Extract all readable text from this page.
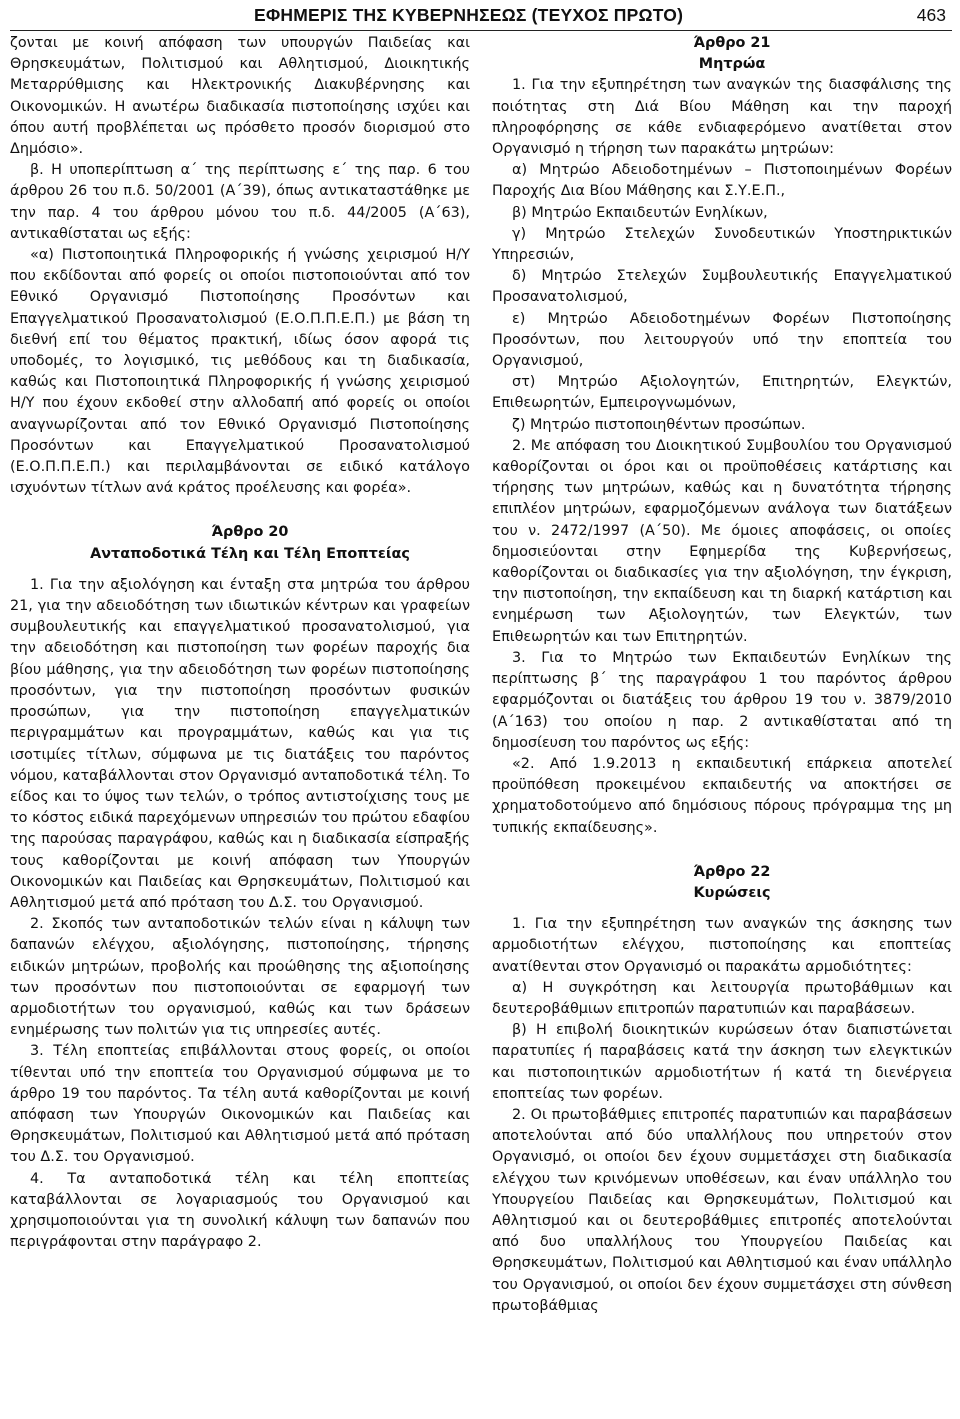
ΕΦΗΜΕΡΙΣ ΤΗΣ ΚΥΒΕΡΝΗΣΕΩΣ (ΤΕΥΧΟΣ ΠΡΩΤΟ)	463

ζονται με κοινή απόφαση των υπουργών Παιδείας και Θρησκευμάτων, Πολιτισμού και Αθλητισμού, Διοικητικής Μεταρρύθμισης και Ηλεκτρονικής Διακυβέρνησης και Οικονομικών. Η ανωτέρω διαδικασία πιστοποίησης ισχύει και όπου αυτή προβλέπεται ως πρόσθετο προσόν διορισμού στο Δημόσιο».

β. Η υποπερίπτωση α΄ της περίπτωσης ε΄ της παρ. 6 του άρθρου 26 του π.δ. 50/2001 (Α΄39), όπως αντικαταστάθηκε με την παρ. 4 του άρθρου μόνου του π.δ. 44/2005 (Α΄63), αντικαθίσταται ως εξής:

«α) Πιστοποιητικά Πληροφορικής ή γνώσης χειρισμού Η/Υ που εκδίδονται από φορείς οι οποίοι πιστοποιούνται από τον Εθνικό Οργανισμό Πιστοποίησης Προσόντων και Επαγγελματικού Προσανατολισμού (Ε.Ο.Π.Π.Ε.Π.) με βάση τη διεθνή επί του θέματος πρακτική, ιδίως όσον αφορά τις υποδομές, το λογισμικό, τις μεθόδους και τη διαδικασία, καθώς και Πιστοποιητικά Πληροφορικής ή γνώσης χειρισμού Η/Υ που έχουν εκδοθεί στην αλλοδαπή από φορείς οι οποίοι αναγνωρίζονται από τον Εθνικό Οργανισμό Πιστοποίησης Προσόντων και Επαγγελματικού Προσανατολισμού (Ε.Ο.Π.Π.Ε.Π.) και περιλαμβάνονται σε ειδικό κατάλογο ισχυόντων τίτλων ανά κράτος προέλευσης και φορέα».

Άρθρο 20

Ανταποδοτικά Τέλη και Τέλη Εποπτείας

1. Για την αξιολόγηση και ένταξη στα μητρώα του άρθρου 21, για την αδειοδότηση των ιδιωτικών κέντρων και γραφείων συμβουλευτικής και επαγγελματικού προσανατολισμού, για την αδειοδότηση και πιστοποίηση των φορέων παροχής δια βίου μάθησης, για την αδειοδότηση των φορέων πιστοποίησης προσόντων, για την πιστοποίηση προσόντων φυσικών προσώπων, για την πιστοποίηση επαγγελματικών περιγραμμάτων και προγραμμάτων, καθώς και για τις ισοτιμίες τίτλων, σύμφωνα με τις διατάξεις του παρόντος νόμου, καταβάλλονται στον Οργανισμό ανταποδοτικά τέλη. Το είδος και το ύψος των τελών, ο τρόπος αντιστοίχισης τους με το κόστος ειδικά παρεχόμενων υπηρεσιών του πρώτου εδαφίου της παρούσας παραγράφου, καθώς και η διαδικασία είσπραξής τους καθορίζονται με κοινή απόφαση των Υπουργών Οικονομικών και Παιδείας και Θρησκευμάτων, Πολιτισμού και Αθλητισμού μετά από πρόταση του Δ.Σ. του Οργανισμού.

2. Σκοπός των ανταποδοτικών τελών είναι η κάλυψη των δαπανών ελέγχου, αξιολόγησης, πιστοποίησης, τήρησης ειδικών μητρώων, προβολής και προώθησης της αξιοποίησης των προσόντων που πιστοποιούνται σε εφαρμογή των αρμοδιοτήτων του οργανισμού, καθώς και των δράσεων ενημέρωσης των πολιτών για τις υπηρεσίες αυτές.

3. Τέλη εποπτείας επιβάλλονται στους φορείς, οι οποίοι τίθενται υπό την εποπτεία του Οργανισμού σύμφωνα με το άρθρο 19 του παρόντος. Τα τέλη αυτά καθορίζονται με κοινή απόφαση των Υπουργών Οικονομικών και Παιδείας και Θρησκευμάτων, Πολιτισμού και Αθλητισμού μετά από πρόταση του Δ.Σ. του Οργανισμού.

4. Τα ανταποδοτικά τέλη και τέλη εποπτείας καταβάλλονται σε λογαριασμούς του Οργανισμού και χρησιμοποιούνται για τη συνολική κάλυψη των δαπανών που περιγράφονται στην παράγραφο 2.

Άρθρο 21

Μητρώα

1. Για την εξυπηρέτηση των αναγκών της διασφάλισης της ποιότητας στη Διά Βίου Μάθηση και την παροχή πληροφόρησης σε κάθε ενδιαφερόμενο ανατίθεται στον Οργανισμό η τήρηση των παρακάτω μητρώων:

α) Μητρώο Αδειοδοτημένων – Πιστοποιημένων Φορέων Παροχής Δια Βίου Μάθησης και Σ.Υ.Ε.Π.,

β) Μητρώο Εκπαιδευτών Ενηλίκων,

γ) Μητρώο Στελεχών Συνοδευτικών Υποστηρικτικών Υπηρεσιών,

δ) Μητρώο Στελεχών Συμβουλευτικής Επαγγελματικού Προσανατολισμού,

ε) Μητρώο Αδειοδοτημένων Φορέων Πιστοποίησης Προσόντων, που λειτουργούν υπό την εποπτεία του Οργανισμού,

στ) Μητρώο Αξιολογητών, Επιτηρητών, Ελεγκτών, Επιθεωρητών, Εμπειρογνωμόνων,

ζ) Μητρώο πιστοποιηθέντων προσώπων.

2. Με απόφαση του Διοικητικού Συμβουλίου του Οργανισμού καθορίζονται οι όροι και οι προϋποθέσεις κατάρτισης και τήρησης των μητρώων, καθώς και η δυνατότητα τήρησης επιπλέον μητρώων, εφαρμοζόμενων ανάλογα των διατάξεων του ν. 2472/1997 (Α΄50). Με όμοιες αποφάσεις, οι οποίες δημοσιεύονται στην Εφημερίδα της Κυβερνήσεως, καθορίζονται οι διαδικασίες για την αξιολόγηση, την έγκριση, την πιστοποίηση, την εκπαίδευση και τη διαρκή κατάρτιση και ενημέρωση των Αξιολογητών, των Ελεγκτών, των Επιθεωρητών και των Επιτηρητών.

3. Για το Μητρώο των Εκπαιδευτών Ενηλίκων της περίπτωσης β΄ της παραγράφου 1 του παρόντος άρθρου εφαρμόζονται οι διατάξεις του άρθρου 19 του ν. 3879/2010 (Α΄163) του οποίου η παρ. 2 αντικαθίσταται από τη δημοσίευση του παρόντος ως εξής:

«2. Από 1.9.2013 η εκπαιδευτική επάρκεια αποτελεί προϋπόθεση προκειμένου εκπαιδευτής να αποκτήσει σε χρηματοδοτούμενο από δημόσιους πόρους πρόγραμμα της μη τυπικής εκπαίδευσης».

Άρθρο 22

Κυρώσεις

1. Για την εξυπηρέτηση των αναγκών της άσκησης των αρμοδιοτήτων ελέγχου, πιστοποίησης και εποπτείας ανατίθενται στον Οργανισμό οι παρακάτω αρμοδιότητες:

α) Η συγκρότηση και λειτουργία πρωτοβάθμιων και δευτεροβάθμιων επιτροπών παρατυπιών και παραβάσεων.

β) Η επιβολή διοικητικών κυρώσεων όταν διαπιστώνεται παρατυπίες ή παραβάσεις κατά την άσκηση των ελεγκτικών και πιστοποιητικών αρμοδιοτήτων ή κατά τη διενέργεια εποπτείας των φορέων.

2. Οι πρωτοβάθμιες επιτροπές παρατυπιών και παραβάσεων αποτελούνται από δύο υπαλλήλους που υπηρετούν στον Οργανισμό, οι οποίοι δεν έχουν συμμετάσχει στη διαδικασία ελέγχου των κρινόμενων υποθέσεων, και έναν υπάλληλο του Υπουργείου Παιδείας και Θρησκευμάτων, Πολιτισμού και Αθλητισμού και οι δευτεροβάθμιες επιτροπές αποτελούνται από δυο υπαλλήλους του Υπουργείου Παιδείας και Θρησκευμάτων, Πολιτισμού και Αθλητισμού και έναν υπάλληλο του Οργανισμού, οι οποίοι δεν έχουν συμμετάσχει στη σύνθεση πρωτοβάθμιας
